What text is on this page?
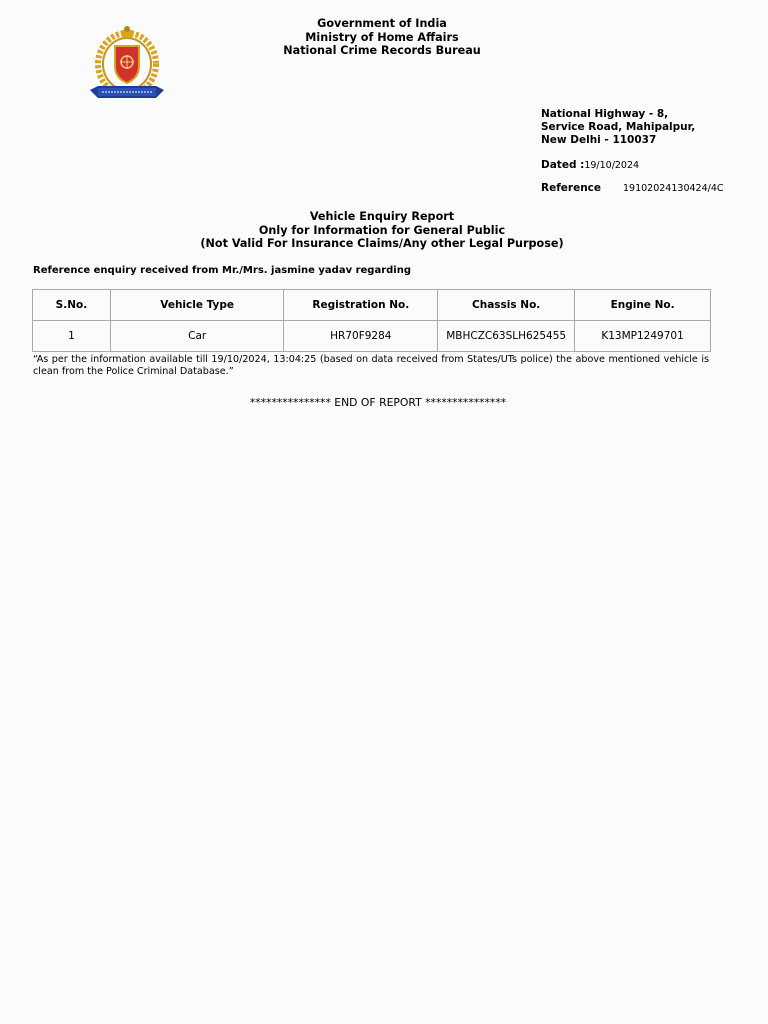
Government of India
Ministry of Home Affairs
National Crime Records Bureau
National Highway - 8,
Service Road, Mahipalpur,
New Delhi - 110037
Dated :19/10/2024
Reference 19102024130424/4C
Vehicle Enquiry Report
Only for Information for General Public
(Not Valid For Insurance Claims/Any other Legal Purpose)
Reference enquiry received from Mr./Mrs. jasmine yadav regarding
S.No.	Vehicle Type	Registration No.	Chassis No.	Engine No.
1	Car	HR70F9284	MBHCZC63SLH625455	K13MP1249701
“As per the information available till 19/10/2024, 13:04:25 (based on data received from States/UTs police) the above mentioned vehicle is clean from the Police Criminal Database.”
*************** END OF REPORT ***************
